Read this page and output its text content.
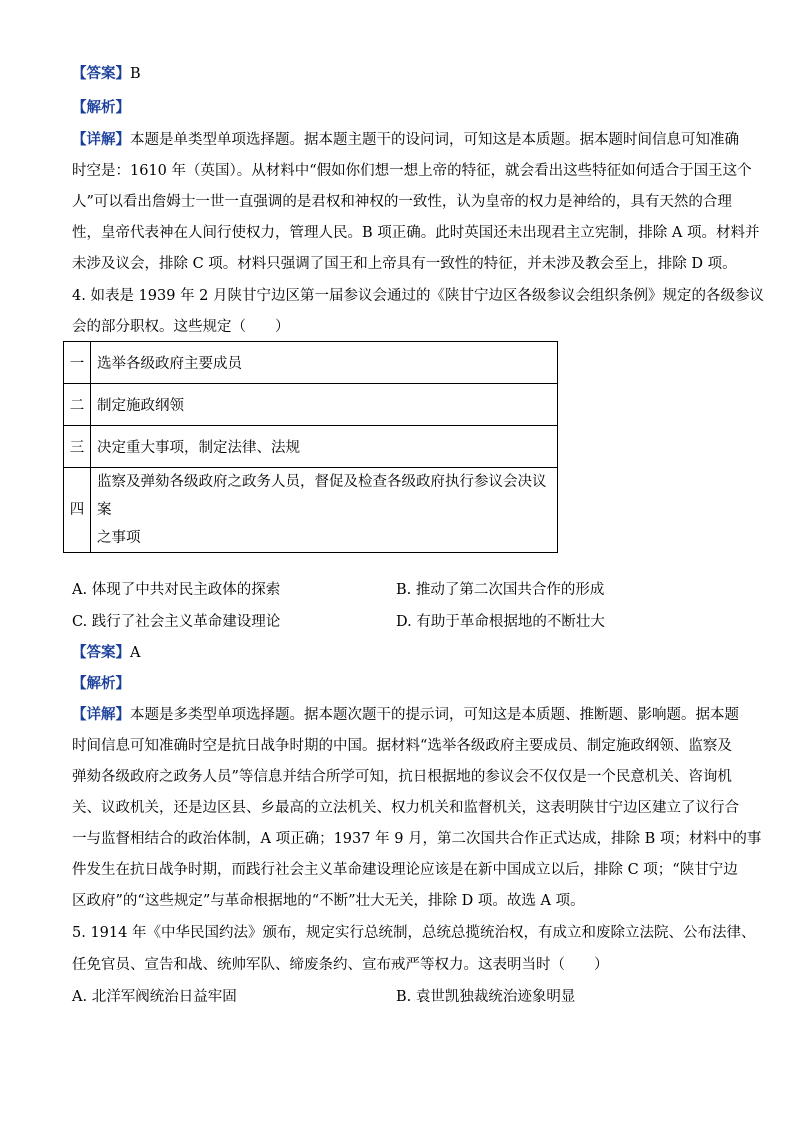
【答案】B
【解析】
【详解】本题是单类型单项选择题。据本题主题干的设问词，可知这是本质题。据本题时间信息可知准确
时空是：1610 年（英国）。从材料中“假如你们想一想上帝的特征，就会看出这些特征如何适合于国王这个
人”可以看出詹姆士一世一直强调的是君权和神权的一致性，认为皇帝的权力是神给的，具有天然的合理
性，皇帝代表神在人间行使权力，管理人民。B 项正确。此时英国还未出现君主立宪制，排除 A 项。材料并
未涉及议会，排除 C 项。材料只强调了国王和上帝具有一致性的特征，并未涉及教会至上，排除 D 项。
4. 如表是 1939 年 2 月陕甘宁边区第一届参议会通过的《陕甘宁边区各级参议会组织条例》规定的各级参议
会的部分职权。这些规定（　　）
一	选举各级政府主要成员
二	制定施政纲领
三	决定重大事项，制定法律、法规
四	监察及弹劾各级政府之政务人员，督促及检查各级政府执行参议会决议案
之事项
A. 体现了中共对民主政体的探索	B. 推动了第二次国共合作的形成
C. 践行了社会主义革命建设理论	D. 有助于革命根据地的不断壮大
【答案】A
【解析】
【详解】本题是多类型单项选择题。据本题次题干的提示词，可知这是本质题、推断题、影响题。据本题
时间信息可知准确时空是抗日战争时期的中国。据材料“选举各级政府主要成员、制定施政纲领、监察及
弹劾各级政府之政务人员”等信息并结合所学可知，抗日根据地的参议会不仅仅是一个民意机关、咨询机
关、议政机关，还是边区县、乡最高的立法机关、权力机关和监督机关，这表明陕甘宁边区建立了议行合
一与监督相结合的政治体制，A 项正确；1937 年 9 月，第二次国共合作正式达成，排除 B 项；材料中的事
件发生在抗日战争时期，而践行社会主义革命建设理论应该是在新中国成立以后，排除 C 项；“陕甘宁边
区政府”的“这些规定”与革命根据地的“不断”壮大无关，排除 D 项。故选 A 项。
5. 1914 年《中华民国约法》颁布，规定实行总统制，总统总揽统治权，有成立和废除立法院、公布法律、
任免官员、宣告和战、统帅军队、缔废条约、宣布戒严等权力。这表明当时（　　）
A. 北洋军阀统治日益牢固	B. 袁世凯独裁统治迹象明显
